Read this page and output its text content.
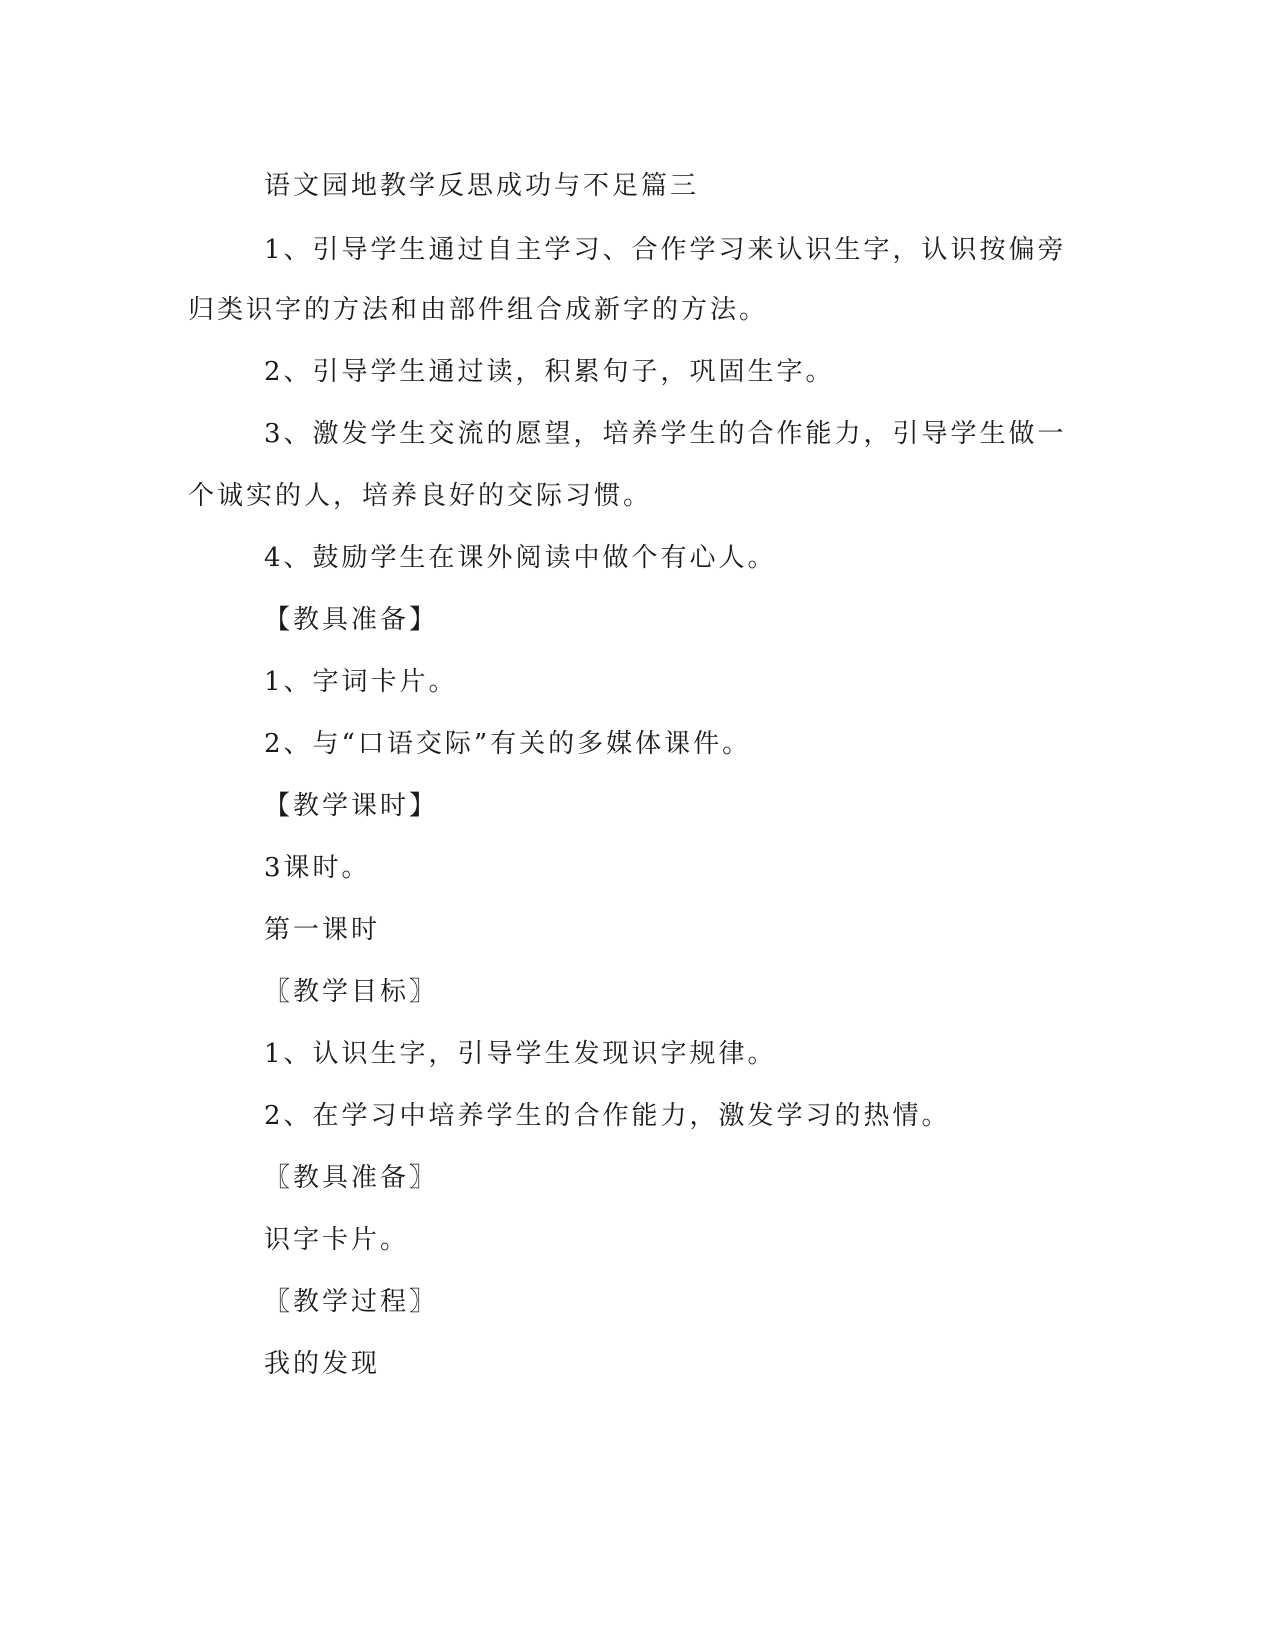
语文园地教学反思成功与不足篇三
1、引导学生通过自主学习、合作学习来认识生字，认识按偏旁
归类识字的方法和由部件组合成新字的方法。
2、引导学生通过读，积累句子，巩固生字。
3、激发学生交流的愿望，培养学生的合作能力，引导学生做一
个诚实的人，培养良好的交际习惯。
4、鼓励学生在课外阅读中做个有心人。
【教具准备】
1、字词卡片。
2、与“口语交际”有关的多媒体课件。
【教学课时】
3课时。
第一课时
〖教学目标〗
1、认识生字，引导学生发现识字规律。
2、在学习中培养学生的合作能力，激发学习的热情。
〖教具准备〗
识字卡片。
〖教学过程〗
我的发现
